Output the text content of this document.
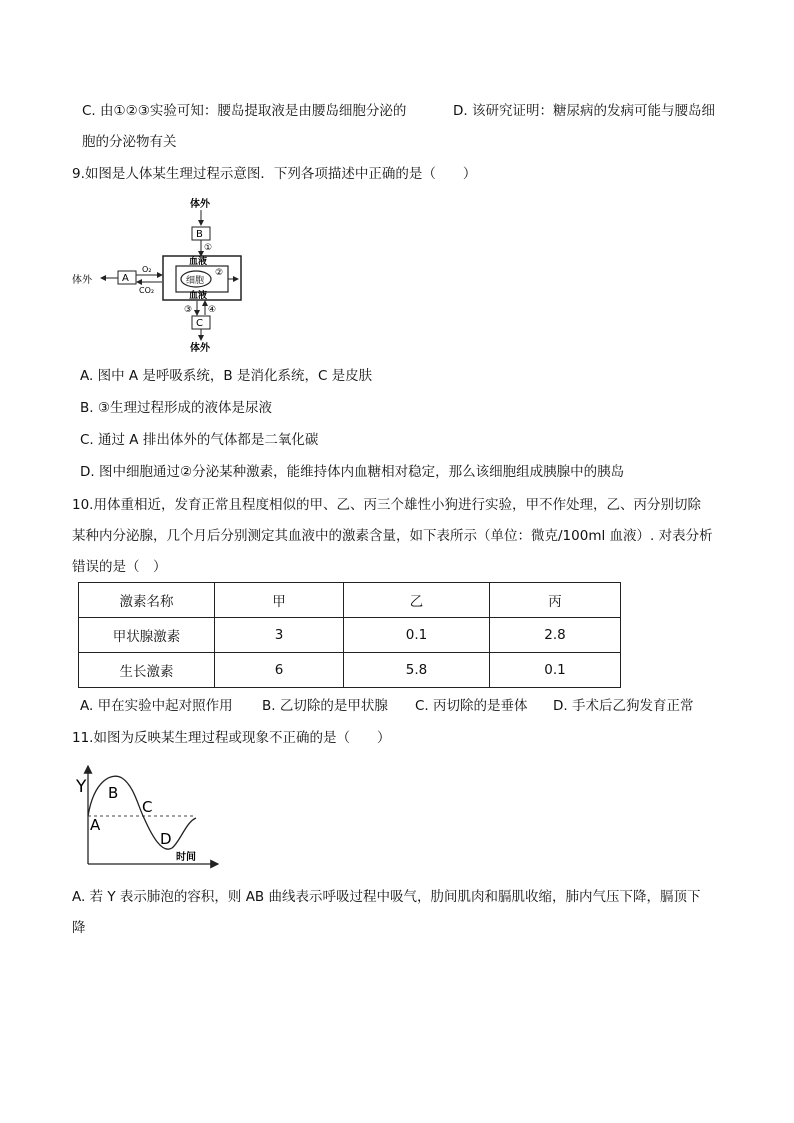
C. 由①②③实验可知：腰岛提取液是由腰岛细胞分泌的	D. 该研究证明：糖尿病的发病可能与腰岛细
胞的分泌物有关
9.如图是人体某生理过程示意图．下列各项描述中正确的是（　　）
体外
B
①
血液
细胞
②
血液
体外	A
O₂
CO₂
③ ④
C
体外
A. 图中 A 是呼吸系统，B 是消化系统，C 是皮肤
B. ③生理过程形成的液体是尿液
C. 通过 A 排出体外的气体都是二氧化碳
D. 图中细胞通过②分泌某种激素，能维持体内血糖相对稳定，那么该细胞组成胰腺中的胰岛
10.用体重相近，发育正常且程度相似的甲、乙、丙三个雄性小狗进行实验，甲不作处理，乙、丙分别切除
某种内分泌腺，几个月后分别测定其血液中的激素含量，如下表所示（单位：微克/100ml 血液）. 对表分析
错误的是（　）
激素名称	甲	乙	丙
甲状腺激素	3	0.1	2.8
生长激素	6	5.8	0.1
A. 甲在实验中起对照作用 B. 乙切除的是甲状腺 C. 丙切除的是垂体 D. 手术后乙狗发育正常
11.如图为反映某生理过程或现象不正确的是（　　）
Y
A
B
C
D
时间
A. 若 Y 表示肺泡的容积，则 AB 曲线表示呼吸过程中吸气，肋间肌肉和膈肌收缩，肺内气压下降，膈顶下
降
